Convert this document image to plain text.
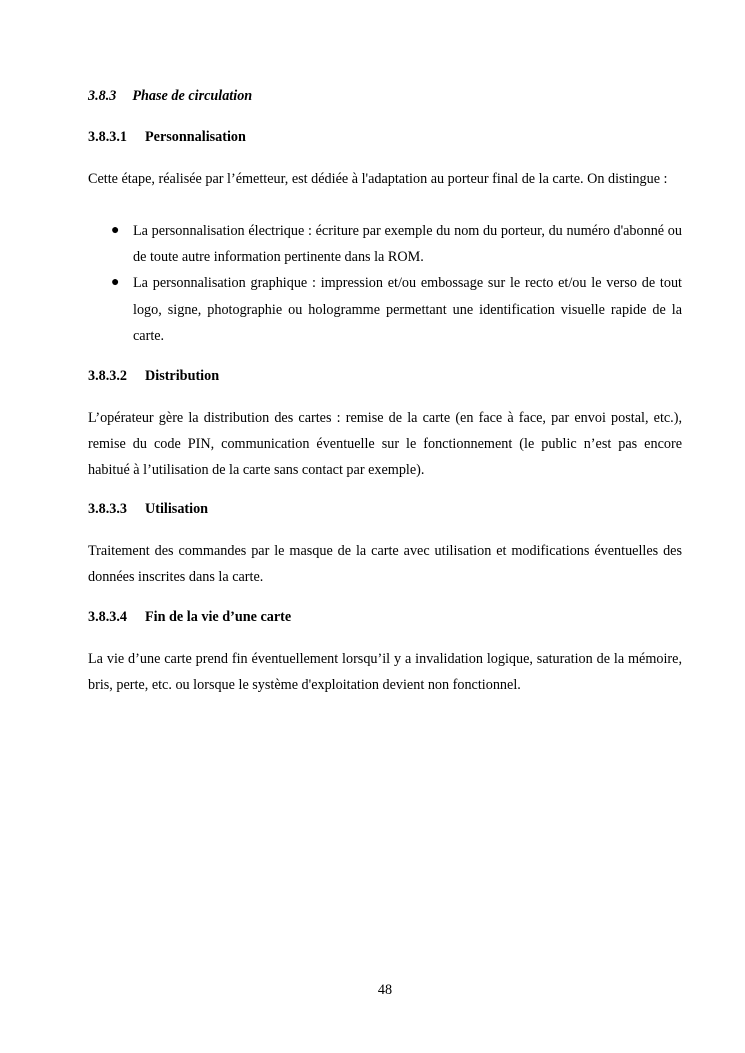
3.8.3 Phase de circulation
3.8.3.1 Personnalisation

Cette étape, réalisée par l’émetteur, est dédiée à l'adaptation au porteur final de la carte. On distingue :

● La personnalisation électrique : écriture par exemple du nom du porteur, du numéro d'abonné ou de toute autre information pertinente dans la ROM.
● La personnalisation graphique : impression et/ou embossage sur le recto et/ou le verso de tout logo, signe, photographie ou hologramme permettant une identification visuelle rapide de la carte.
3.8.3.2 Distribution

L’opérateur gère la distribution des cartes : remise de la carte (en face à face, par envoi postal, etc.), remise du code PIN, communication éventuelle sur le fonctionnement (le public n’est pas encore habitué à l’utilisation de la carte sans contact par exemple).

3.8.3.3 Utilisation

Traitement des commandes par le masque de la carte avec utilisation et modifications éventuelles des données inscrites dans la carte.

3.8.3.4 Fin de la vie d’une carte

La vie d’une carte prend fin éventuellement lorsqu’il y a invalidation logique, saturation de la mémoire, bris, perte, etc. ou lorsque le système d'exploitation devient non fonctionnel.

48
